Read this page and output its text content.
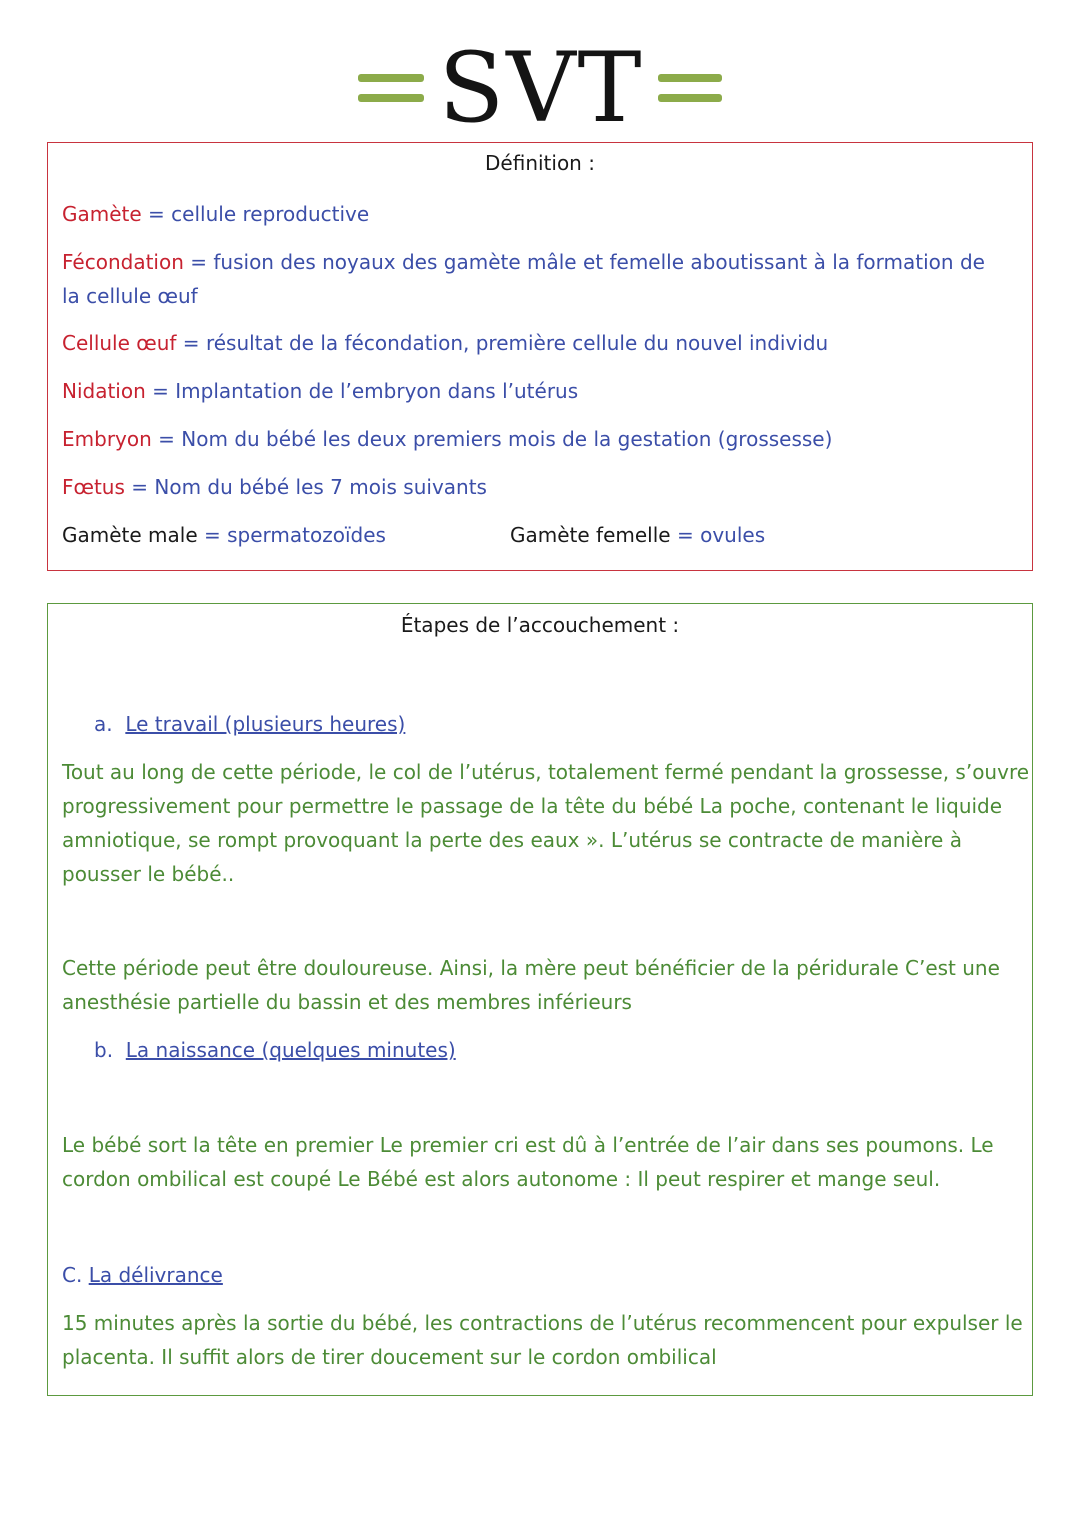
SVT
Définition :
Gamète = cellule reproductive
Fécondation = fusion des noyaux des gamète mâle et femelle aboutissant à la formation de
la cellule œuf
Cellule œuf = résultat de la fécondation, première cellule du nouvel individu
Nidation = Implantation de l’embryon dans l’utérus
Embryon = Nom du bébé les deux premiers mois de la gestation (grossesse)
Fœtus = Nom du bébé les 7 mois suivants
Gamète male = spermatozoïdes	Gamète femelle = ovules
Étapes de l’accouchement :
a. Le travail (plusieurs heures)
Tout au long de cette période, le col de l’utérus, totalement fermé pendant la grossesse, s’ouvre progressivement pour permettre le passage de la tête du bébé La poche, contenant le liquide amniotique, se rompt provoquant la perte des eaux ». L’utérus se contracte de manière à pousser le bébé..
Cette période peut être douloureuse. Ainsi, la mère peut bénéficier de la péridurale C’est une anesthésie partielle du bassin et des membres inférieurs
b. La naissance (quelques minutes)
Le bébé sort la tête en premier Le premier cri est dû à l’entrée de l’air dans ses poumons. Le cordon ombilical est coupé Le Bébé est alors autonome : Il peut respirer et mange seul.
C. La délivrance
15 minutes après la sortie du bébé, les contractions de l’utérus recommencent pour expulser le placenta. Il suffit alors de tirer doucement sur le cordon ombilical
